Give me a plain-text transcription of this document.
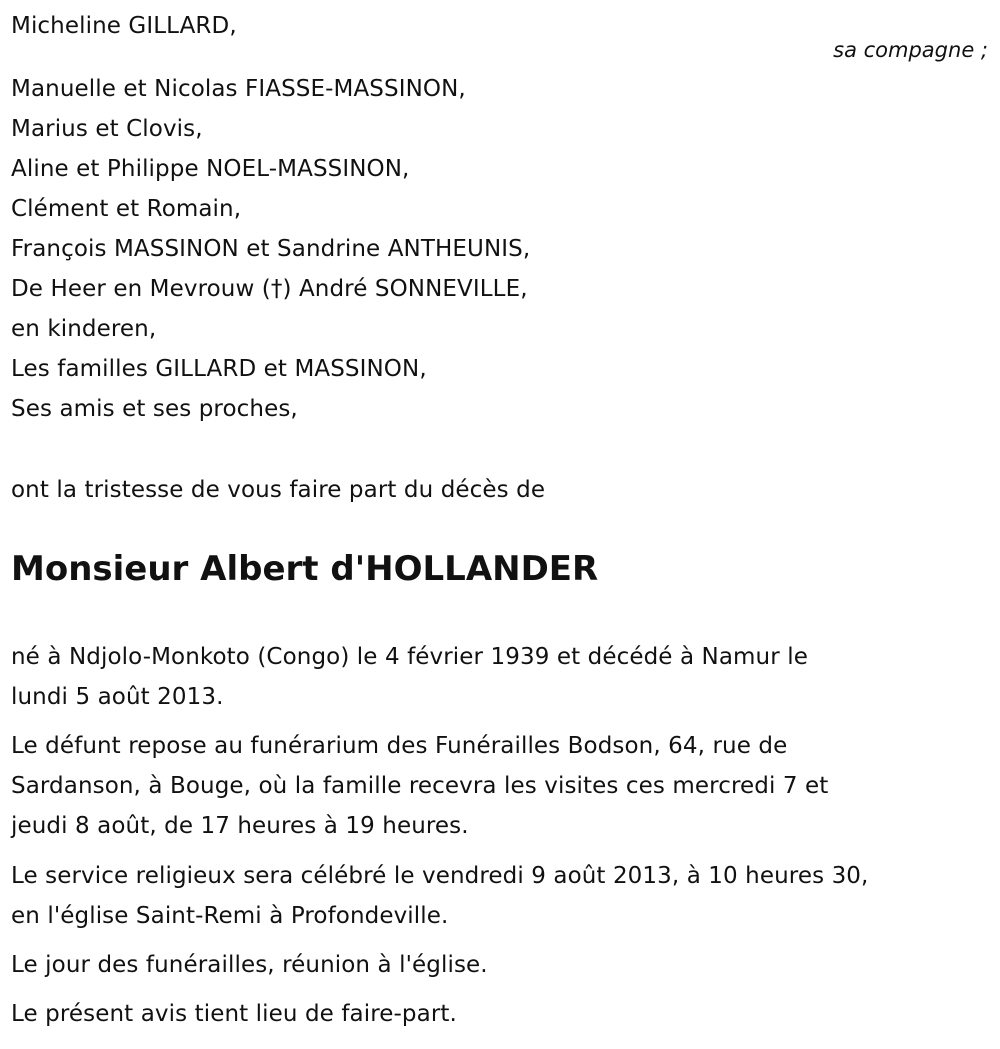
Micheline GILLARD,
sa compagne ;
Manuelle et Nicolas FIASSE-MASSINON,
Marius et Clovis,
Aline et Philippe NOEL-MASSINON,
Clément et Romain,
François MASSINON et Sandrine ANTHEUNIS,
De Heer en Mevrouw (†) André SONNEVILLE,
en kinderen,
Les familles GILLARD et MASSINON,
Ses amis et ses proches,
ont la tristesse de vous faire part du décès de
Monsieur Albert d'HOLLANDER
né à Ndjolo-Monkoto (Congo) le 4 février 1939 et décédé à Namur le
lundi 5 août 2013.
Le défunt repose au funérarium des Funérailles Bodson, 64, rue de
Sardanson, à Bouge, où la famille recevra les visites ces mercredi 7 et
jeudi 8 août, de 17 heures à 19 heures.
Le service religieux sera célébré le vendredi 9 août 2013, à 10 heures 30,
en l'église Saint-Remi à Profondeville.
Le jour des funérailles, réunion à l'église.
Le présent avis tient lieu de faire-part.
